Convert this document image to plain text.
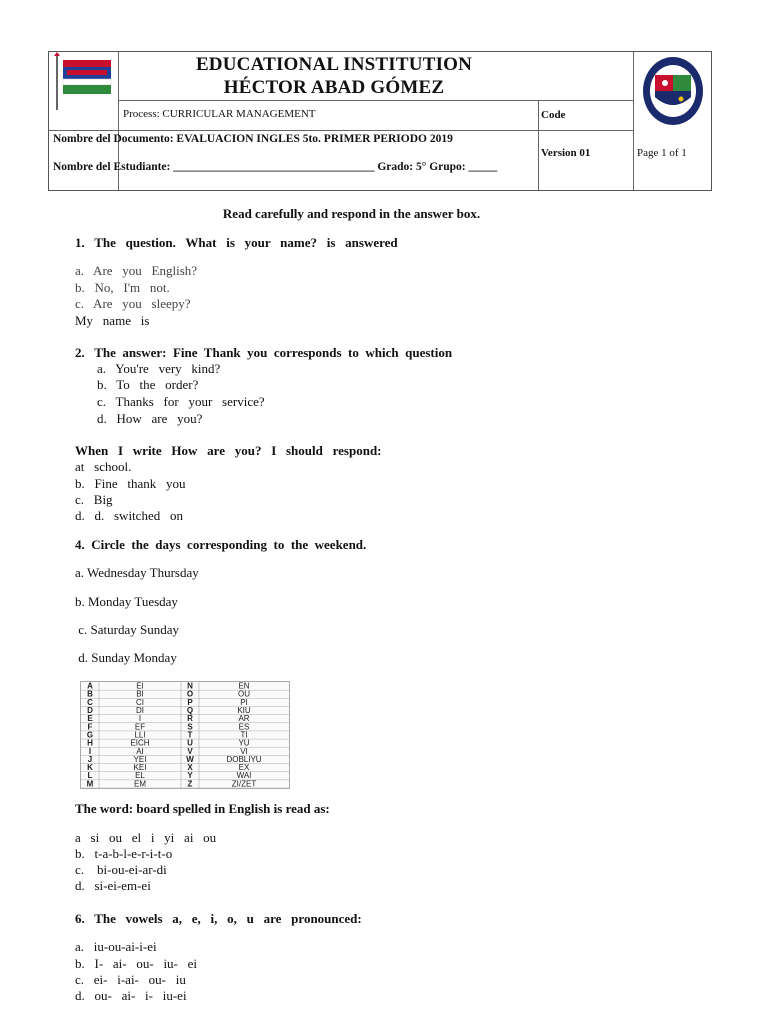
EDUCATIONAL INSTITUTION
HÉCTOR ABAD GÓMEZ
Process: CURRICULAR MANAGEMENT	Code
Nombre del Documento: EVALUACION INGLES 5to. PRIMER PERIODO 2019
Nombre del Estudiante: ___________________________________ Grado: 5° Grupo: _____
Version 01	Page 1 of 1
Read carefully and respond in the answer box.
1.   The   question.   What   is   your   name?   is   answered
a.   Are   you   English?
b.   No,   I'm   not.
c.   Are   you   sleepy?
My   name   is
2.   The  answer:  Fine  Thank  you  corresponds  to  which  question
a.   You're   very   kind?
b.   To   the   order?
c.   Thanks   for   your   service?
d.   How   are   you?
When   I   write   How   are   you?   I   should   respond:
at   school.
b.   Fine   thank   you
c.   Big
d.   d.   switched   on
4.  Circle  the  days  corresponding  to  the  weekend.
a. Wednesday Thursday
b. Monday Tuesday
c. Saturday Sunday
d. Sunday Monday
A	EI	N	EN
B	BI	O	OU
C	CI	P	PI
D	DI	Q	KIU
E	I	R	AR
F	EF	S	ES
G	LLI	T	TI
H	EICH	U	YU
I	AI	V	VI
J	YEI	W	DOBLIYU
K	KEI	X	EX
L	EL	Y	WAI
M	EM	Z	ZI/ZET
The word: board spelled in English is read as:
a   si   ou   el   i   yi   ai   ou
b.   t-a-b-l-e-r-i-t-o
c.    bi-ou-ei-ar-di
d.   si-ei-em-ei
6.   The   vowels   a,   e,   i,   o,   u   are   pronounced:
a.   iu-ou-ai-i-ei
b.   I-   ai-   ou-   iu-   ei
c.   ei-   i-ai-   ou-   iu
d.   ou-   ai-   i-   iu-ei
